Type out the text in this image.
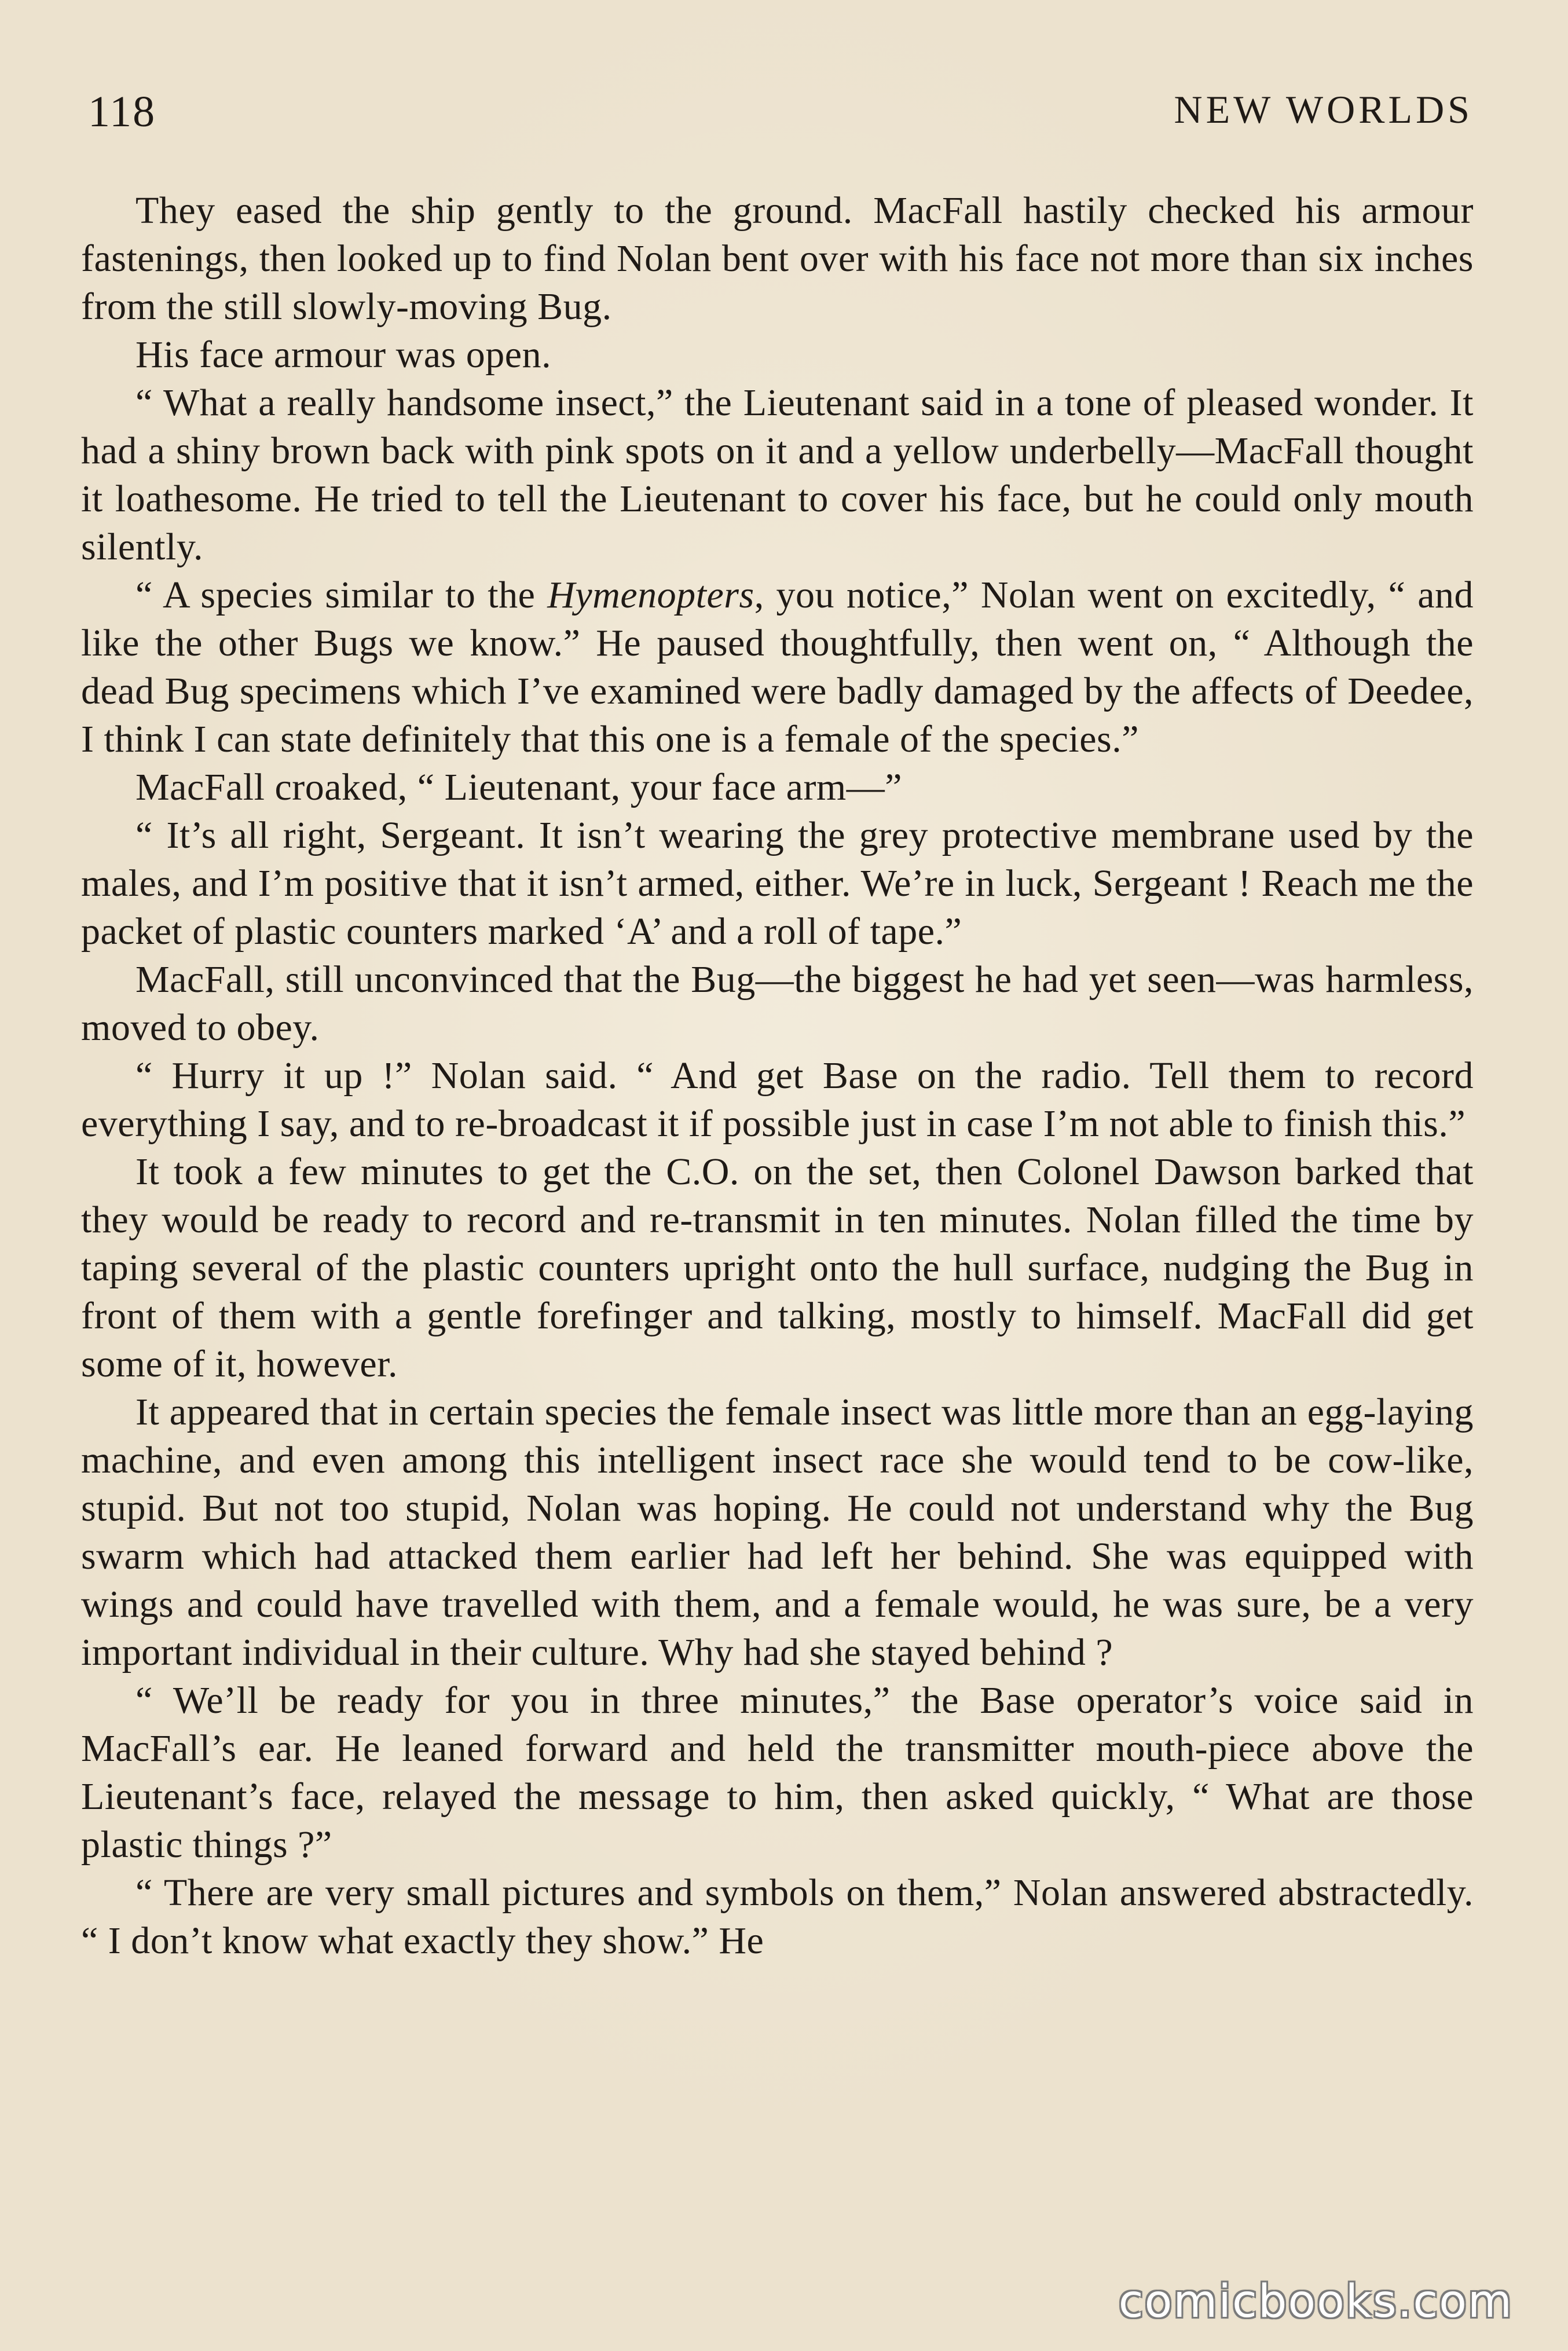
118	NEW WORLDS

They eased the ship gently to the ground. MacFall hastily checked his armour fastenings, then looked up to find Nolan bent over with his face not more than six inches from the still slowly-moving Bug.

His face armour was open.

“ What a really handsome insect,” the Lieutenant said in a tone of pleased wonder. It had a shiny brown back with pink spots on it and a yellow underbelly—MacFall thought it loathesome. He tried to tell the Lieutenant to cover his face, but he could only mouth silently.

“ A species similar to the Hymenopters, you notice,” Nolan went on excitedly, “ and like the other Bugs we know.” He paused thoughtfully, then went on, “ Although the dead Bug specimens which I’ve examined were badly damaged by the affects of Deedee, I think I can state definitely that this one is a female of the species.”

MacFall croaked, “ Lieutenant, your face arm—”

“ It’s all right, Sergeant. It isn’t wearing the grey protective membrane used by the males, and I’m positive that it isn’t armed, either. We’re in luck, Sergeant ! Reach me the packet of plastic counters marked ‘A’ and a roll of tape.”

MacFall, still unconvinced that the Bug—the biggest he had yet seen—was harmless, moved to obey.

“ Hurry it up !” Nolan said. “ And get Base on the radio. Tell them to record everything I say, and to re-broadcast it if possible just in case I’m not able to finish this.”

It took a few minutes to get the C.O. on the set, then Colonel Dawson barked that they would be ready to record and re-transmit in ten minutes. Nolan filled the time by taping several of the plastic counters upright onto the hull surface, nudging the Bug in front of them with a gentle forefinger and talking, mostly to himself. MacFall did get some of it, however.

It appeared that in certain species the female insect was little more than an egg-laying machine, and even among this intelligent insect race she would tend to be cow-like, stupid. But not too stupid, Nolan was hoping. He could not understand why the Bug swarm which had attacked them earlier had left her behind. She was equipped with wings and could have travelled with them, and a female would, he was sure, be a very important individual in their culture. Why had she stayed behind ?

“ We’ll be ready for you in three minutes,” the Base operator’s voice said in MacFall’s ear. He leaned forward and held the transmitter mouth-piece above the Lieutenant’s face, relayed the message to him, then asked quickly, “ What are those plastic things ?”

“ There are very small pictures and symbols on them,” Nolan answered abstractedly. “ I don’t know what exactly they show.” He

comicbooks.com
